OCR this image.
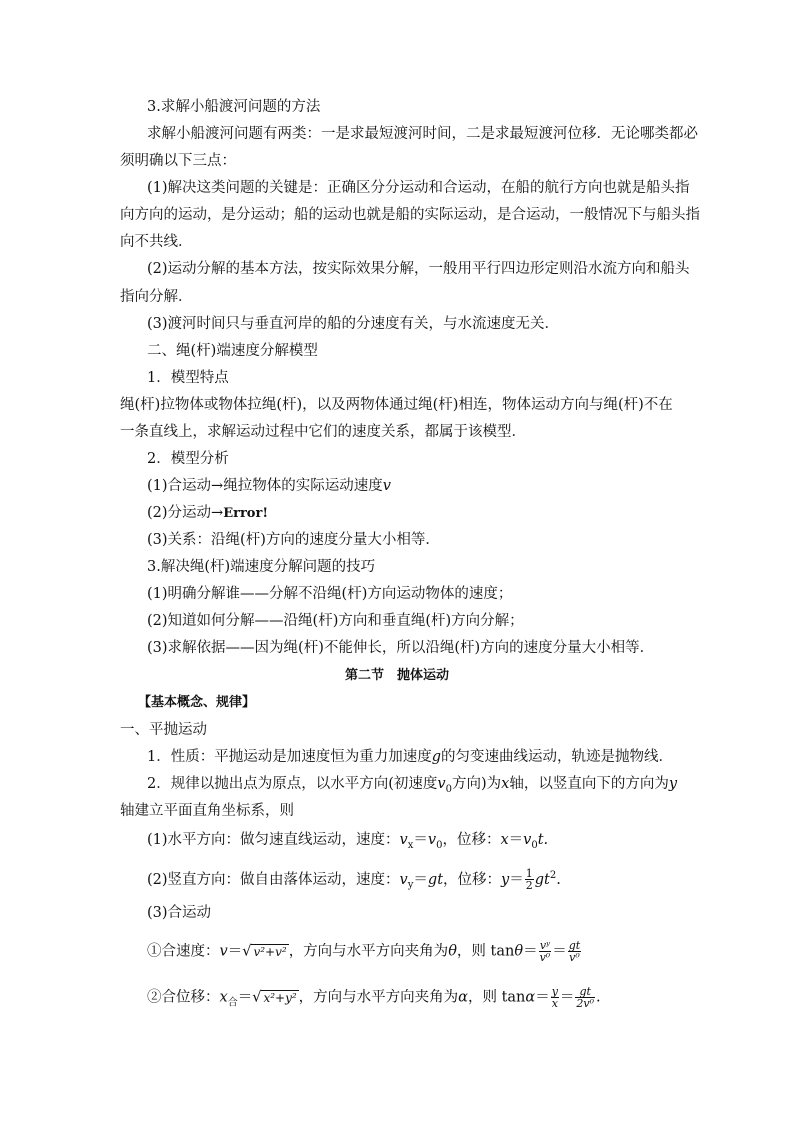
3.求解小船渡河问题的方法
求解小船渡河问题有两类：一是求最短渡河时间，二是求最短渡河位移．无论哪类都必
须明确以下三点：
(1)解决这类问题的关键是：正确区分分运动和合运动，在船的航行方向也就是船头指
向方向的运动，是分运动；船的运动也就是船的实际运动，是合运动，一般情况下与船头指
向不共线．
(2)运动分解的基本方法，按实际效果分解，一般用平行四边形定则沿水流方向和船头
指向分解．
(3)渡河时间只与垂直河岸的船的分速度有关，与水流速度无关．
二、绳(杆)端速度分解模型
1．模型特点
绳(杆)拉物体或物体拉绳(杆)，以及两物体通过绳(杆)相连，物体运动方向与绳(杆)不在
一条直线上，求解运动过程中它们的速度关系，都属于该模型．
2．模型分析
(1)合运动→绳拉物体的实际运动速度v
(2)分运动→Error!
(3)关系：沿绳(杆)方向的速度分量大小相等．
3.解决绳(杆)端速度分解问题的技巧
(1)明确分解谁——分解不沿绳(杆)方向运动物体的速度；
(2)知道如何分解——沿绳(杆)方向和垂直绳(杆)方向分解；
(3)求解依据——因为绳(杆)不能伸长，所以沿绳(杆)方向的速度分量大小相等．
第二节　抛体运动
【基本概念、规律】
一、平抛运动
1．性质：平抛运动是加速度恒为重力加速度g的匀变速曲线运动，轨迹是抛物线．
2．规律以抛出点为原点，以水平方向(初速度$v_0$方向)为x轴，以竖直向下的方向为y
轴建立平面直角坐标系，则
(1)水平方向：做匀速直线运动，速度：$v_x=v_0$，位移：$x=v_0t$.
(2)竖直方向：做自由落体运动，速度：$v_y=gt$，位移：$y= \frac{1}{2} gt^2$.
(3)合运动
①合速度：v＝√ v²+v² ，方向与水平方向夹角为θ，则 $\tan\theta= \frac{\text{vʸ}}{\text{v⁰}} = \frac{gt}{\text{v⁰}}$
②合位移：$x_合=√$ x²+y² ，方向与水平方向夹角为α，则 $\tan\alpha= \frac{y}{x} = \frac{gt}{\text{2v⁰}}$ .
